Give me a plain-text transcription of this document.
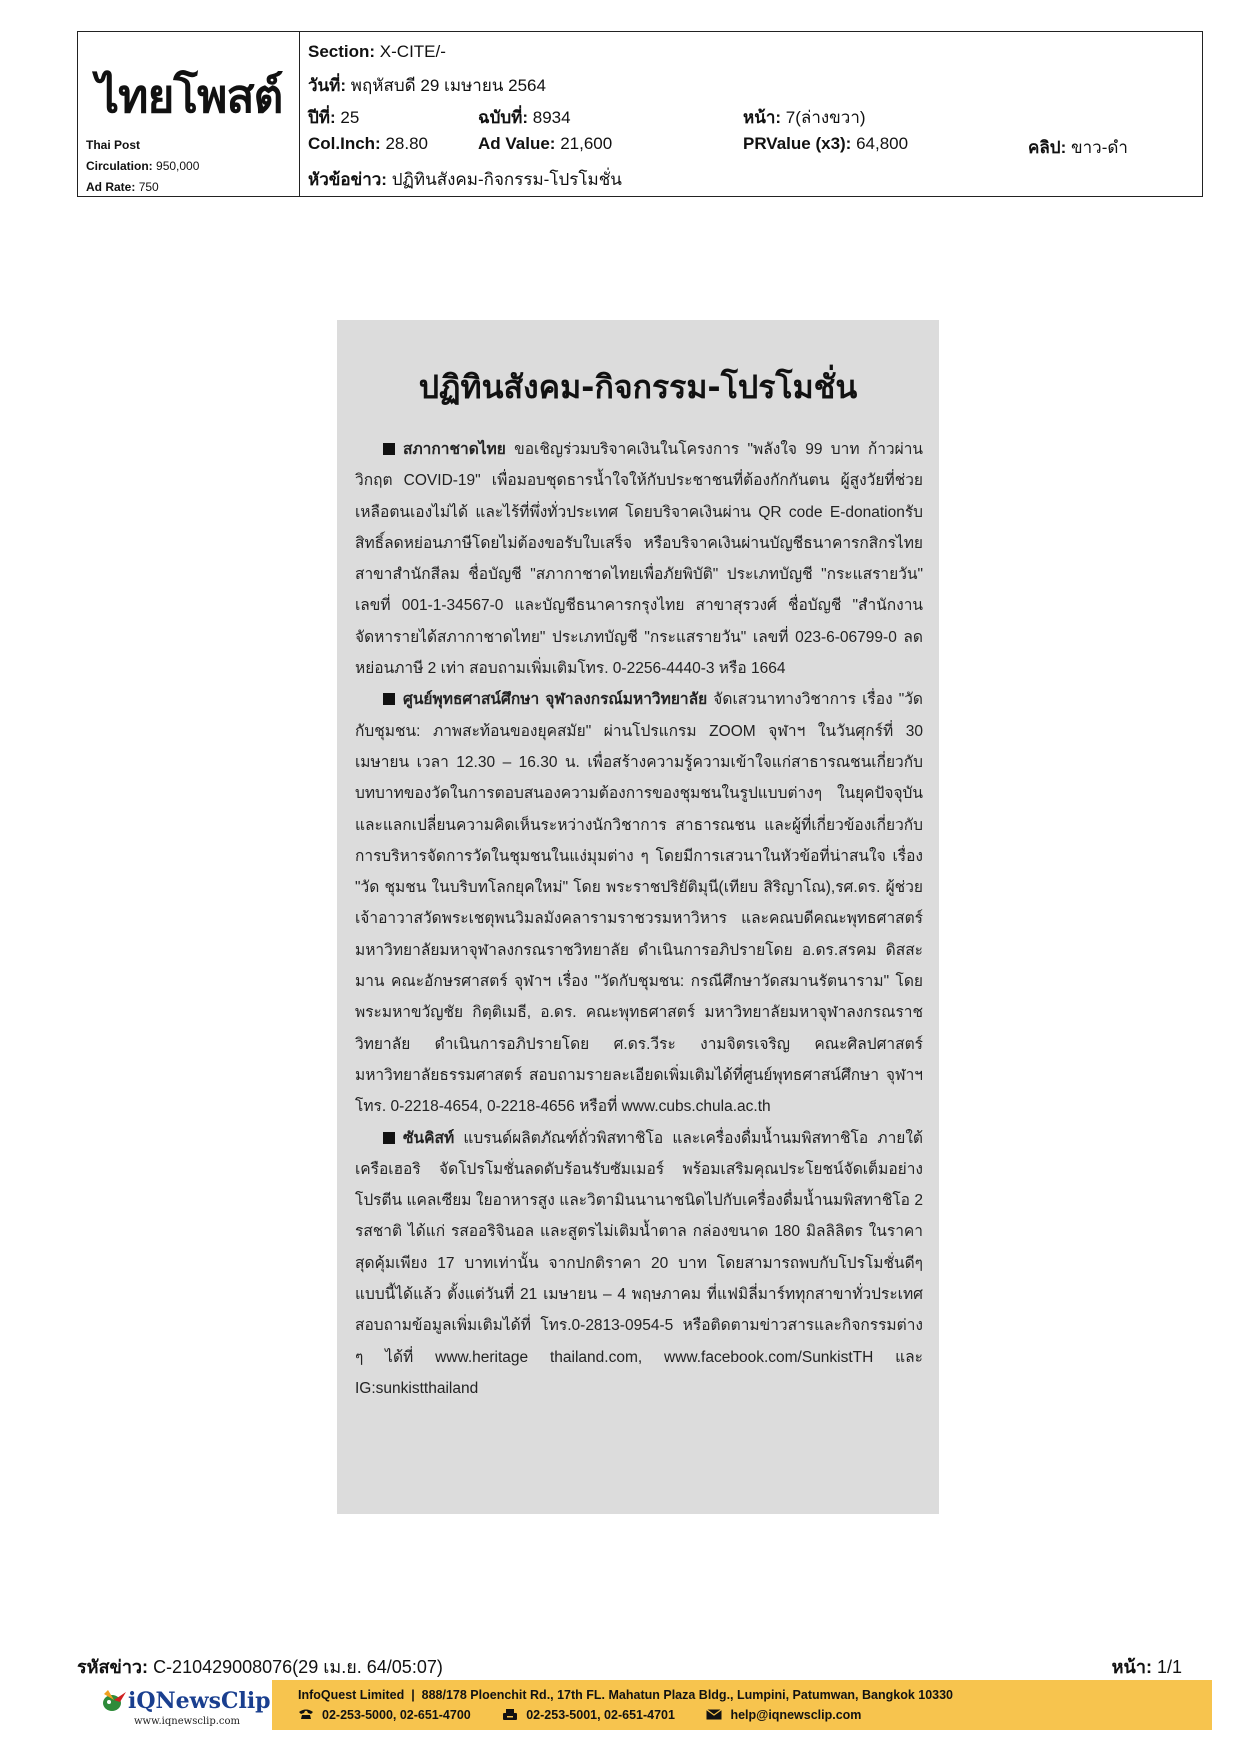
ไทยโพสต์
Thai Post
Circulation: 950,000
Ad Rate: 750
Section: X-CITE/-
วันที่: พฤหัสบดี 29 เมษายน 2564
ปีที่: 25	ฉบับที่: 8934	หน้า: 7(ล่างขวา)
Col.Inch: 28.80	Ad Value: 21,600	PRValue (x3): 64,800	คลิป: ขาว-ดำ
หัวข้อข่าว: ปฏิทินสังคม-กิจกรรม-โปรโมชั่น
ปฏิทินสังคม-กิจกรรม-โปรโมชั่น

สภากาชาดไทย ขอเชิญร่วมบริจาคเงินในโครงการ "พลังใจ 99 บาท ก้าวผ่านวิกฤต COVID-19" เพื่อมอบชุดธารน้ำใจให้กับประชาชนที่ต้องกักกันตน ผู้สูงวัยที่ช่วยเหลือตนเองไม่ได้ และไร้ที่พึ่งทั่วประเทศ โดยบริจาคเงินผ่าน QR code E-donationรับสิทธิ์ลดหย่อนภาษีโดยไม่ต้องขอรับใบเสร็จ หรือบริจาคเงินผ่านบัญชีธนาคารกสิกรไทย สาขาสำนักสีลม ชื่อบัญชี "สภากาชาดไทยเพื่อภัยพิบัติ" ประเภทบัญชี "กระแสรายวัน" เลขที่ 001-1-34567-0 และบัญชีธนาคารกรุงไทย สาขาสุรวงศ์ ชื่อบัญชี "สำนักงานจัดหารายได้สภากาชาดไทย" ประเภทบัญชี "กระแสรายวัน" เลขที่ 023-6-06799-0 ลดหย่อนภาษี 2 เท่า สอบถามเพิ่มเติมโทร. 0-2256-4440-3 หรือ 1664

ศูนย์พุทธศาสน์ศึกษา จุฬาลงกรณ์มหาวิทยาลัย จัดเสวนาทางวิชาการ เรื่อง "วัดกับชุมชน: ภาพสะท้อนของยุคสมัย" ผ่านโปรแกรม ZOOM จุฬาฯ ในวันศุกร์ที่ 30 เมษายน เวลา 12.30 – 16.30 น. เพื่อสร้างความรู้ความเข้าใจแก่สาธารณชนเกี่ยวกับบทบาทของวัดในการตอบสนองความต้องการของชุมชนในรูปแบบต่างๆ ในยุคปัจจุบัน และแลกเปลี่ยนความคิดเห็นระหว่างนักวิชาการ สาธารณชน และผู้ที่เกี่ยวข้องเกี่ยวกับการบริหารจัดการวัดในชุมชนในแง่มุมต่าง ๆ โดยมีการเสวนาในหัวข้อที่น่าสนใจ เรื่อง "วัด ชุมชน ในบริบทโลกยุคใหม่" โดย พระราชปริยัติมุนี(เทียบ สิริญาโณ),รศ.ดร. ผู้ช่วยเจ้าอาวาสวัดพระเชตุพนวิมลมังคลารามราชวรมหาวิหาร และคณบดีคณะพุทธศาสตร์ มหาวิทยาลัยมหาจุฬาลงกรณราชวิทยาลัย ดำเนินการอภิปรายโดย อ.ดร.สรคม ดิสสะมาน คณะอักษรศาสตร์ จุฬาฯ เรื่อง "วัดกับชุมชน: กรณีศึกษาวัดสมานรัตนาราม" โดย พระมหาขวัญชัย กิตฺติเมธี, อ.ดร. คณะพุทธศาสตร์ มหาวิทยาลัยมหาจุฬาลงกรณราชวิทยาลัย ดำเนินการอภิปรายโดย ศ.ดร.วีระ งามจิตรเจริญ คณะศิลปศาสตร์ มหาวิทยาลัยธรรมศาสตร์ สอบถามรายละเอียดเพิ่มเติมได้ที่ศูนย์พุทธศาสน์ศึกษา จุฬาฯ โทร. 0-2218-4654, 0-2218-4656 หรือที่ www.cubs.chula.ac.th

ซันคิสท์ แบรนด์ผลิตภัณฑ์ถั่วพิสทาชิโอ และเครื่องดื่มน้ำนมพิสทาชิโอ ภายใต้เครือเฮอริ จัดโปรโมชั่นลดดับร้อนรับซัมเมอร์ พร้อมเสริมคุณประโยชน์จัดเต็มอย่างโปรตีน แคลเซียม ใยอาหารสูง และวิตามินนานาชนิดไปกับเครื่องดื่มน้ำนมพิสทาชิโอ 2 รสชาติ ได้แก่ รสออริจินอล และสูตรไม่เติมน้ำตาล กล่องขนาด 180 มิลลิลิตร ในราคาสุดคุ้มเพียง 17 บาทเท่านั้น จากปกติราคา 20 บาท โดยสามารถพบกับโปรโมชั่นดีๆ แบบนี้ได้แล้ว ตั้งแต่วันที่ 21 เมษายน – 4 พฤษภาคม ที่แฟมิลี่มาร์ททุกสาขาทั่วประเทศ สอบถามข้อมูลเพิ่มเติมได้ที่ โทร.0-2813-0954-5 หรือติดตามข่าวสารและกิจกรรมต่าง ๆ ได้ที่ www.heritage thailand.com, www.facebook.com/SunkistTH และ IG:sunkistthailand

รหัสข่าว: C-210429008076(29 เม.ย. 64/05:07)	หน้า: 1/1
iQNewsClip
www.iqnewsclip.com
InfoQuest Limited  |  888/178 Ploenchit Rd., 17th FL. Mahatun Plaza Bldg., Lumpini, Patumwan, Bangkok 10330
02-253-5000, 02-651-4700	02-253-5001, 02-651-4701	help@iqnewsclip.com
